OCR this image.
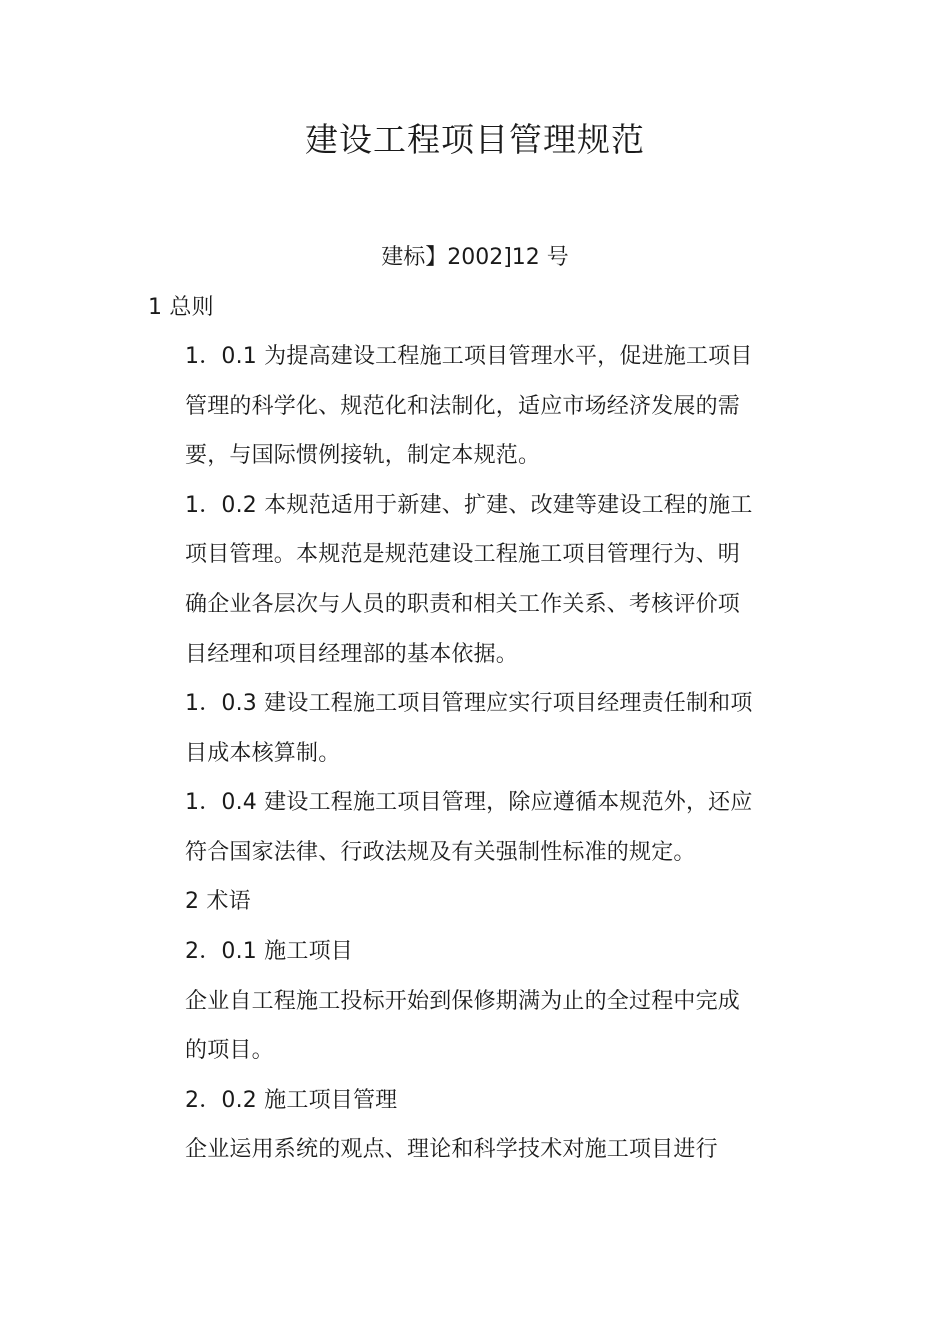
建设工程项目管理规范
建标】2002]12 号
1 总则
1．0.1 为提高建设工程施工项目管理水平，促进施工项目
管理的科学化、规范化和法制化，适应市场经济发展的需
要，与国际惯例接轨，制定本规范。
1．0.2 本规范适用于新建、扩建、改建等建设工程的施工
项目管理。本规范是规范建设工程施工项目管理行为、明
确企业各层次与人员的职责和相关工作关系、考核评价项
目经理和项目经理部的基本依据。
1．0.3 建设工程施工项目管理应实行项目经理责任制和项
目成本核算制。
1．0.4 建设工程施工项目管理，除应遵循本规范外，还应
符合国家法律、行政法规及有关强制性标准的规定。
2 术语
2．0.1 施工项目
企业自工程施工投标开始到保修期满为止的全过程中完成
的项目。
2．0.2 施工项目管理
企业运用系统的观点、理论和科学技术对施工项目进行
